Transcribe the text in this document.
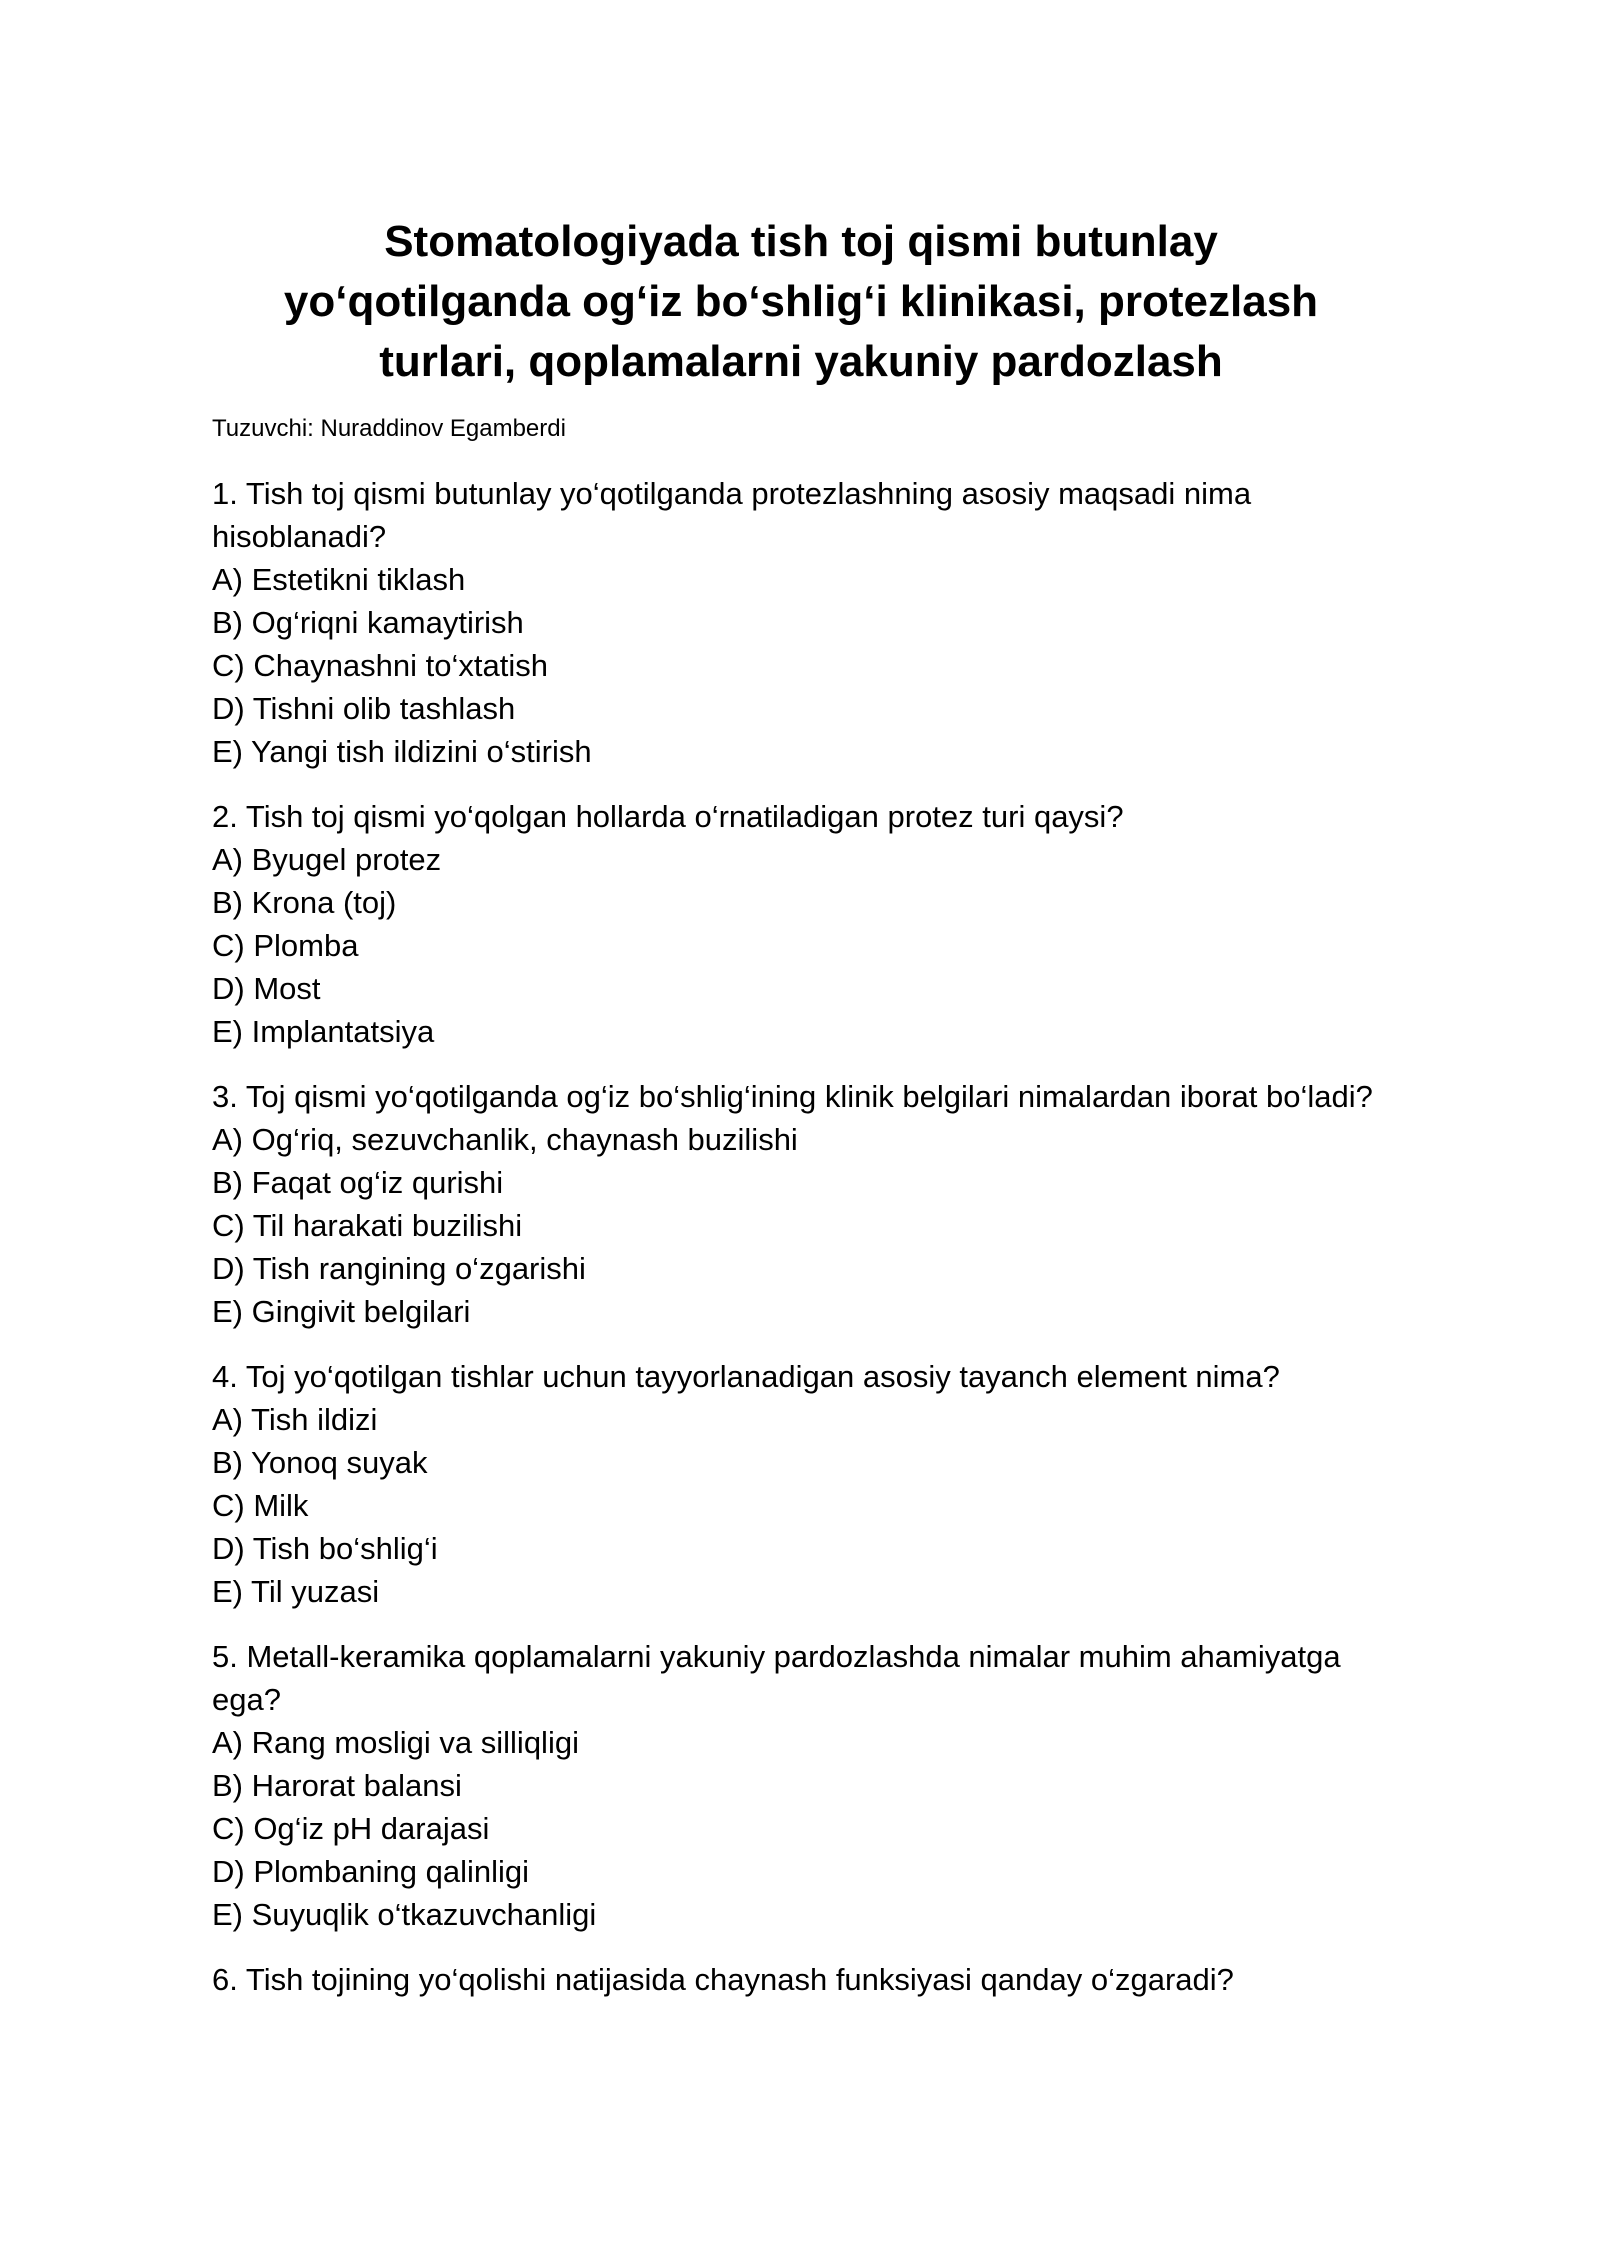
Stomatologiyada tish toj qismi butunlay
yo‘qotilganda og‘iz bo‘shlig‘i klinikasi, protezlash
turlari, qoplamalarni yakuniy pardozlash
Tuzuvchi: Nuraddinov Egamberdi
1. Tish toj qismi butunlay yo‘qotilganda protezlashning asosiy maqsadi nima hisoblanadi?
A) Estetikni tiklash
B) Og‘riqni kamaytirish
C) Chaynashni to‘xtatish
D) Tishni olib tashlash
E) Yangi tish ildizini o‘stirish
2. Tish toj qismi yo‘qolgan hollarda o‘rnatiladigan protez turi qaysi?
A) Byugel protez
B) Krona (toj)
C) Plomba
D) Most
E) Implantatsiya
3. Toj qismi yo‘qotilganda og‘iz bo‘shlig‘ining klinik belgilari nimalardan iborat bo‘ladi?
A) Og‘riq, sezuvchanlik, chaynash buzilishi
B) Faqat og‘iz qurishi
C) Til harakati buzilishi
D) Tish rangining o‘zgarishi
E) Gingivit belgilari
4. Toj yo‘qotilgan tishlar uchun tayyorlanadigan asosiy tayanch element nima?
A) Tish ildizi
B) Yonoq suyak
C) Milk
D) Tish bo‘shlig‘i
E) Til yuzasi
5. Metall-keramika qoplamalarni yakuniy pardozlashda nimalar muhim ahamiyatga ega?
A) Rang mosligi va silliqligi
B) Harorat balansi
C) Og‘iz pH darajasi
D) Plombaning qalinligi
E) Suyuqlik o‘tkazuvchanligi
6. Tish tojining yo‘qolishi natijasida chaynash funksiyasi qanday o‘zgaradi?
